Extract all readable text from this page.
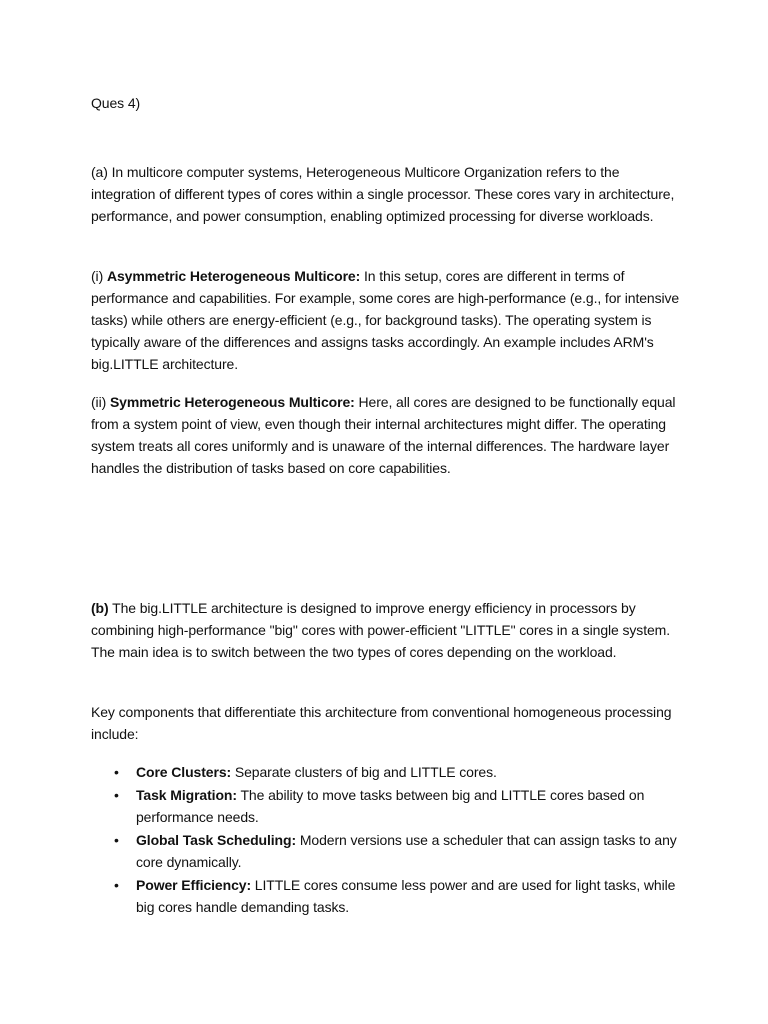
Ques 4)

(a) In multicore computer systems, Heterogeneous Multicore Organization refers to the integration of different types of cores within a single processor. These cores vary in architecture, performance, and power consumption, enabling optimized processing for diverse workloads.

(i) Asymmetric Heterogeneous Multicore: In this setup, cores are different in terms of performance and capabilities. For example, some cores are high-performance (e.g., for intensive tasks) while others are energy-efficient (e.g., for background tasks). The operating system is typically aware of the differences and assigns tasks accordingly. An example includes ARM's big.LITTLE architecture.

(ii) Symmetric Heterogeneous Multicore: Here, all cores are designed to be functionally equal from a system point of view, even though their internal architectures might differ. The operating system treats all cores uniformly and is unaware of the internal differences. The hardware layer handles the distribution of tasks based on core capabilities.

(b) The big.LITTLE architecture is designed to improve energy efficiency in processors by combining high-performance "big" cores with power-efficient "LITTLE" cores in a single system. The main idea is to switch between the two types of cores depending on the workload.

Key components that differentiate this architecture from conventional homogeneous processing include:

• Core Clusters: Separate clusters of big and LITTLE cores.
• Task Migration: The ability to move tasks between big and LITTLE cores based on performance needs.
• Global Task Scheduling: Modern versions use a scheduler that can assign tasks to any core dynamically.
• Power Efficiency: LITTLE cores consume less power and are used for light tasks, while big cores handle demanding tasks.
